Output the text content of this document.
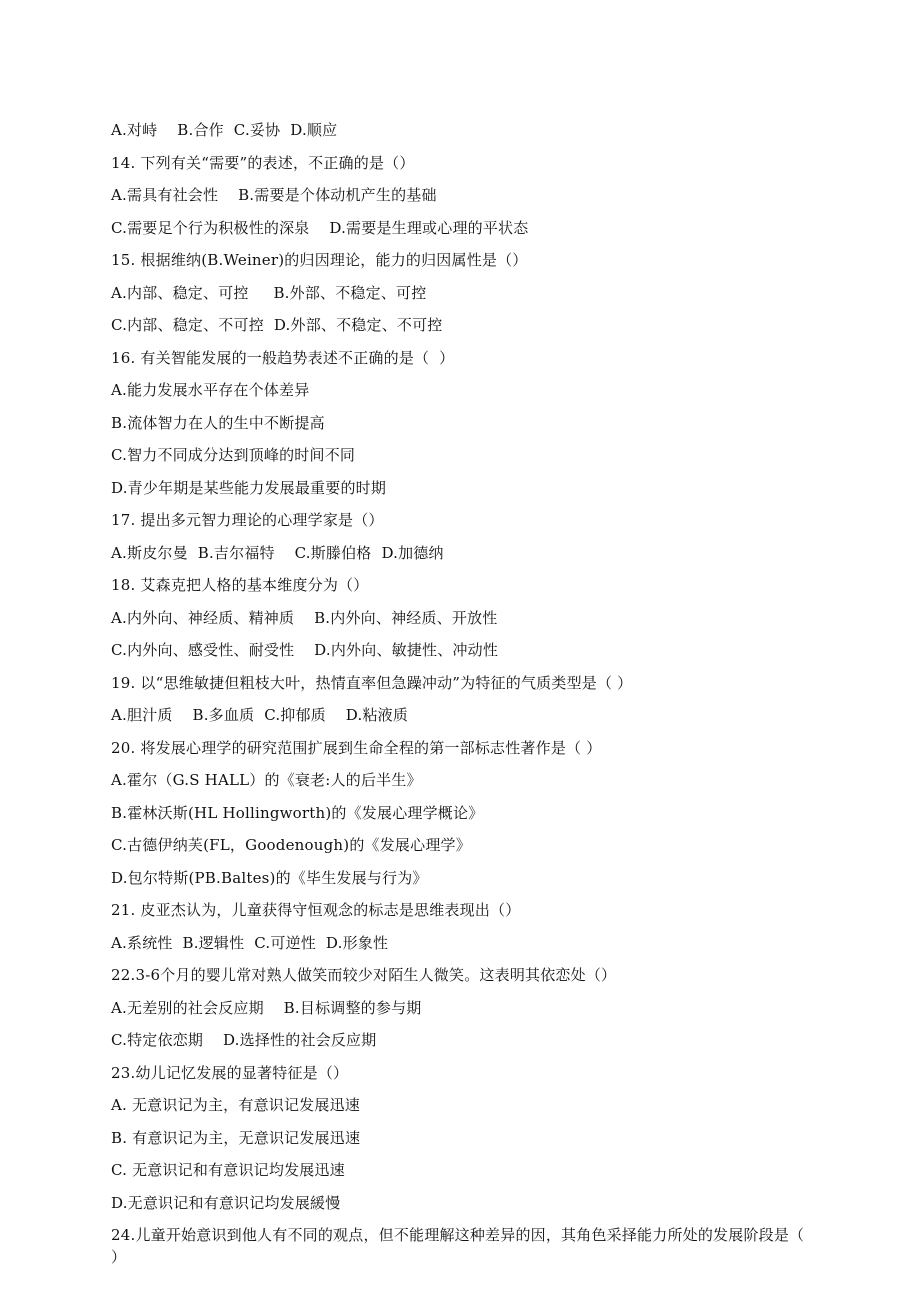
A.对峙    B.合作  C.妥协  D.顺应
14. 下列有关“需要”的表述，不正确的是（）
A.需具有社会性    B.需要是个体动机产生的基础
C.需要足个行为积极性的深泉    D.需要是生理或心理的平状态
15. 根据维纳(B.Weiner)的归因理论，能力的归因属性是（）
A.内部、稳定、可控     B.外部、不稳定、可控
C.内部、稳定、不可控  D.外部、不稳定、不可控
16. 有关智能发展的一般趋势表述不正确的是（  ）
A.能力发展水平存在个体差异
B.流体智力在人的生中不断提高
C.智力不同成分达到顶峰的时间不同
D.青少年期是某些能力发展最重要的时期
17. 提出多元智力理论的心理学家是（）
A.斯皮尔曼  B.吉尔福特    C.斯滕伯格  D.加德纳
18. 艾森克把人格的基本维度分为（）
A.内外向、神经质、精神质    B.内外向、神经质、开放性
C.内外向、感受性、耐受性    D.内外向、敏捷性、冲动性
19. 以“思维敏捷但粗枝大叶，热情直率但急躁冲动”为特征的气质类型是（ ）
A.胆汁质    B.多血质  C.抑郁质    D.粘液质
20. 将发展心理学的研究范围扩展到生命全程的第一部标志性著作是（ ）
A.霍尔（G.S HALL）的《衰老:人的后半生》
B.霍林沃斯(HL Hollingworth)的《发展心理学概论》
C.古德伊纳芙(FL，Goodenough)的《发展心理学》
D.包尔特斯(PB.Baltes)的《毕生发展与行为》
21. 皮亚杰认为，儿童获得守恒观念的标志是思维表现出（）
A.系统性  B.逻辑性  C.可逆性  D.形象性
22.3-6个月的婴儿常对熟人做笑而较少对陌生人微笑。这表明其依恋处（）
A.无差别的社会反应期    B.目标调整的参与期
C.特定依恋期    D.选择性的社会反应期
23.幼儿记忆发展的显著特征是（）
A. 无意识记为主，有意识记发展迅速
B. 有意识记为主，无意识记发展迅速
C. 无意识记和有意识记均发展迅速
D.无意识记和有意识记均发展緩慢
24.儿童开始意识到他人有不同的观点，但不能理解这种差异的因，其角色采择能力所处的发展阶段是（ ）
